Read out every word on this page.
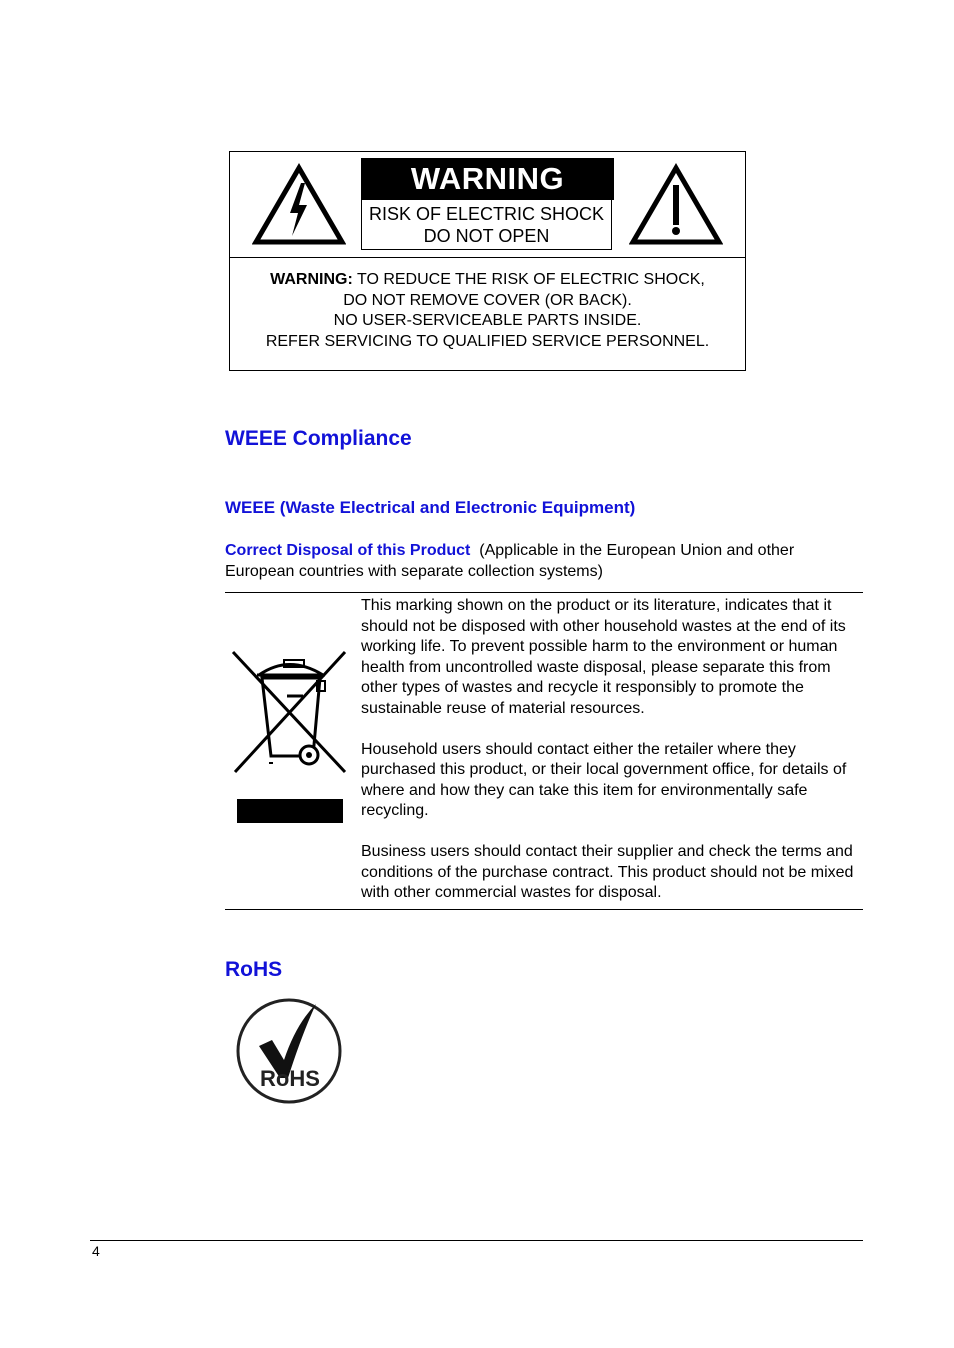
WARNING
RISK OF ELECTRIC SHOCK
DO NOT OPEN
WARNING: TO REDUCE THE RISK OF ELECTRIC SHOCK,
DO NOT REMOVE COVER (OR BACK).
NO USER-SERVICEABLE PARTS INSIDE.
REFER SERVICING TO QUALIFIED SERVICE PERSONNEL.
WEEE Compliance
WEEE (Waste Electrical and Electronic Equipment)
Correct Disposal of this Product  (Applicable in the European Union and other European countries with separate collection systems)

This marking shown on the product or its literature, indicates that it should not be disposed with other household wastes at the end of its working life. To prevent possible harm to the environment or human health from uncontrolled waste disposal, please separate this from other types of wastes and recycle it responsibly to promote the sustainable reuse of material resources.

Household users should contact either the retailer where they purchased this product, or their local government office, for details of where and how they can take this item for environmentally safe recycling.

Business users should contact their supplier and check the terms and conditions of the purchase contract. This product should not be mixed with other commercial wastes for disposal.

RoHS
RoHS
4
